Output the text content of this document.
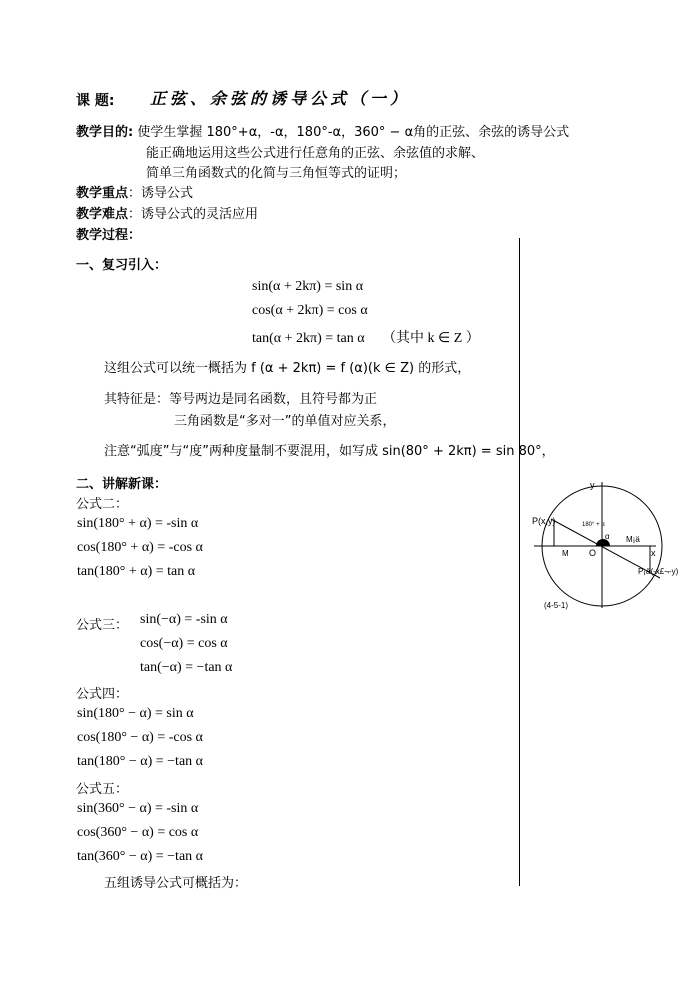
课 题: 正弦、余弦的诱导公式（一）
教学目的: 使学生掌握 180°+α，-α，180°-α，360° − α角的正弦、余弦的诱导公式
能正确地运用这些公式进行任意角的正弦、余弦值的求解、
简单三角函数式的化简与三角恒等式的证明；
教学重点：诱导公式
教学难点：诱导公式的灵活应用
教学过程：
一、复习引入：
sin(α + 2kπ) = sin α
cos(α + 2kπ) = cos α
tan(α + 2kπ) = tan α （其中 k ∈ Z ）
这组公式可以统一概括为 f (α + 2kπ) = f (α)(k ∈ Z) 的形式，
其特征是：等号两边是同名函数，且符号都为正
三角函数是“多对一”的单值对应关系，
注意“弧度”与“度”两种度量制不要混用，如写成 sin(80° + 2kπ) = sin 80°，
二、讲解新课：
公式二：
sin(180° + α) = -sin α
cos(180° + α) = -cos α
tan(180° + α) = tan α
公式三： sin(−α) = -sin α
cos(−α) = cos α
tan(−α) = −tan α
公式四：
sin(180° − α) = sin α
cos(180° − α) = -cos α
tan(180° − α) = −tan α
公式五：
sin(360° − α) = -sin α
cos(360° − α) = cos α
tan(360° − α) = −tan α
五组诱导公式可概括为：
y
x
P(x,y)	180° + α
α
M O
M¡ä
P¡ä(-x£¬-y)
(4-5-1)
